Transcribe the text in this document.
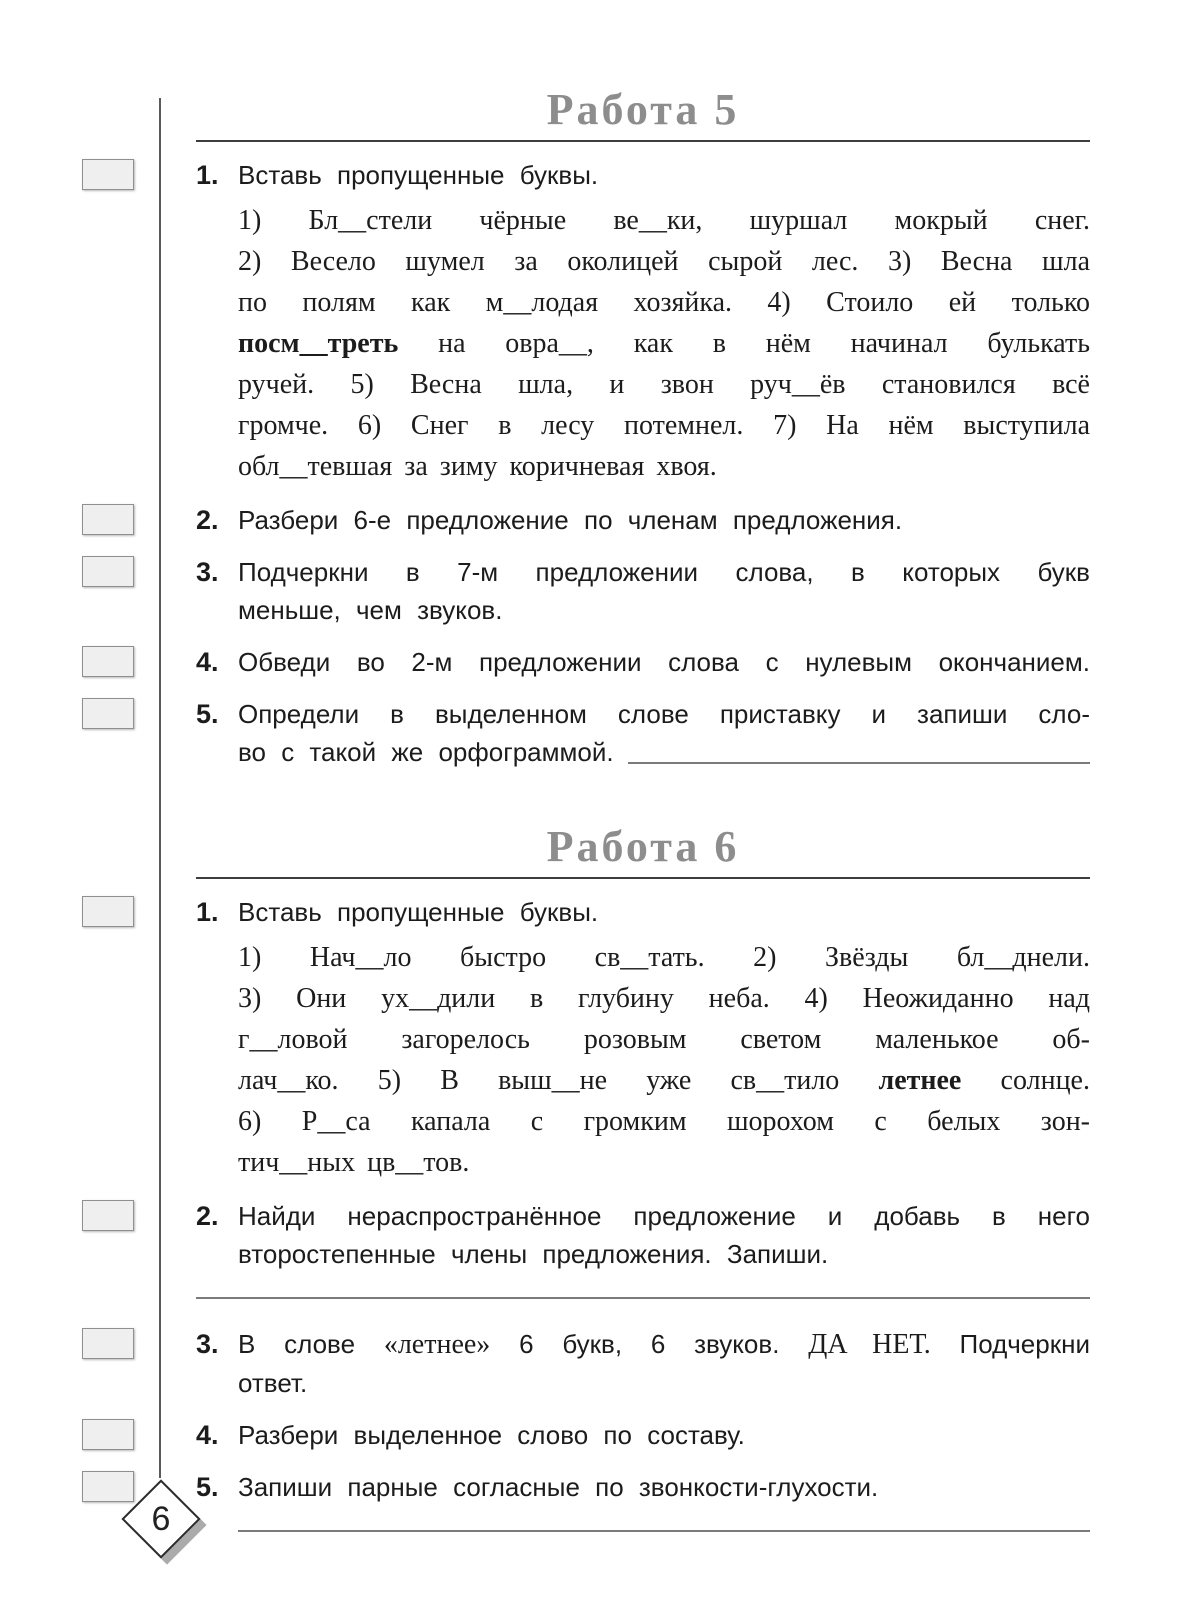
Работа 5
1. Вставь пропущенные буквы.
1) Бл__стели чёрные ве__ки, шуршал мокрый снег.
2) Весело шумел за околицей сырой лес. 3) Весна шла
по полям как м__лодая хозяйка. 4) Стоило ей только
посм__треть на овра__, как в нём начинал булькать
ручей. 5) Весна шла, и звон руч__ёв становился всё
громче. 6) Снег в лесу потемнел. 7) На нём выступила
обл__тевшая за зиму коричневая хвоя.
2. Разбери 6-е предложение по членам предложения.
3. Подчеркни в 7-м предложении слова, в которых букв
меньше, чем звуков.
4. Обведи во 2-м предложении слова с нулевым окончанием.
5. Определи в выделенном слове приставку и запиши сло-
во с такой же орфограммой.
Работа 6
1. Вставь пропущенные буквы.
1) Нач__ло быстро св__тать. 2) Звёзды бл__днели.
3) Они ух__дили в глубину неба. 4) Неожиданно над
г__ловой загорелось розовым светом маленькое об-
лач__ко. 5) В выш__не уже св__тило летнее солнце.
6) Р__са капала с громким шорохом с белых зон-
тич__ных цв__тов.
2. Найди нераспространённое предложение и добавь в него
второстепенные члены предложения. Запиши.
3. В слове «летнее» 6 букв, 6 звуков. ДА НЕТ. Подчеркни
ответ.
4. Разбери выделенное слово по составу.
5. Запиши парные согласные по звонкости-глухости.
6
